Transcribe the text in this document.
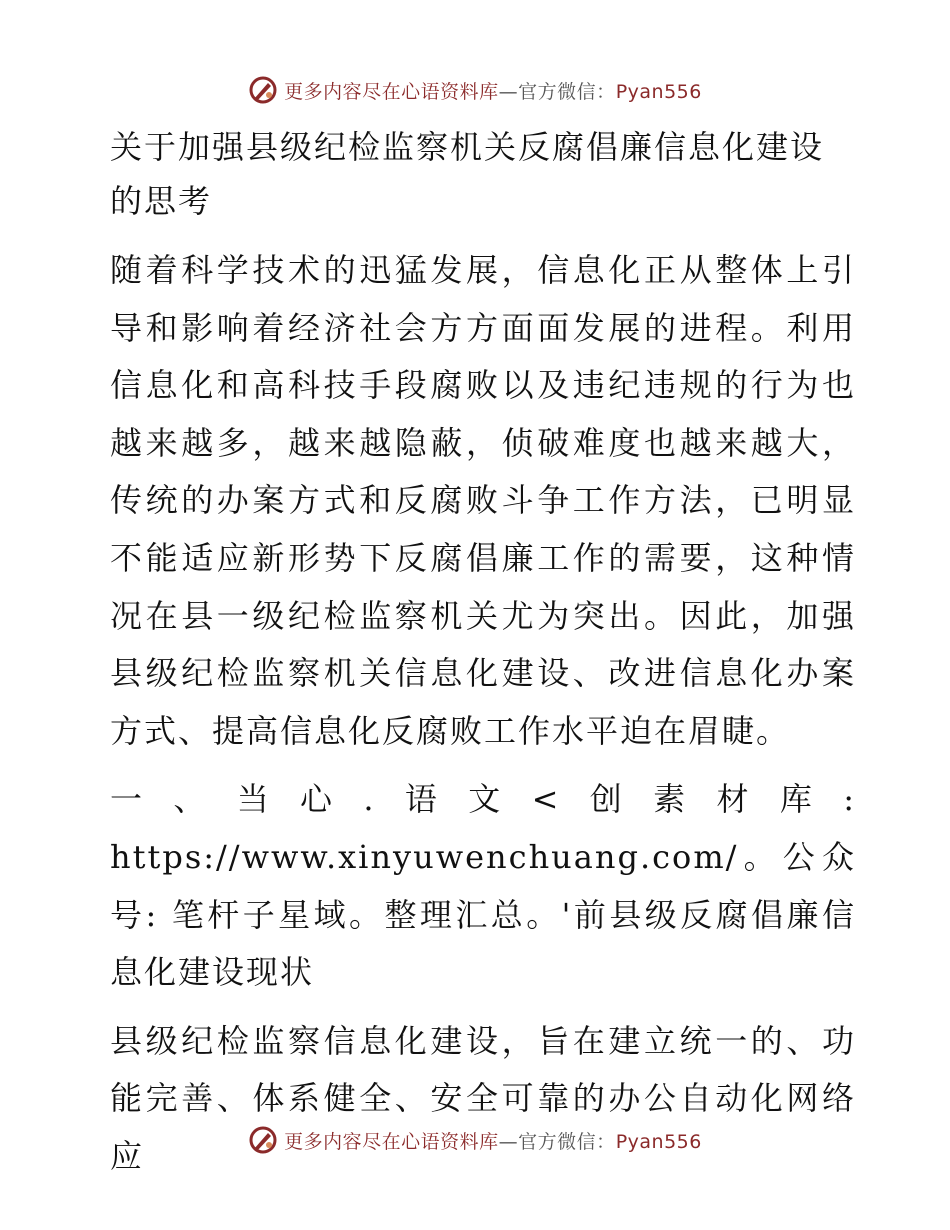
更多内容尽在心语资料库—官方微信：Pyan556
关于加强县级纪检监察机关反腐倡廉信息化建设的思考

随着科学技术的迅猛发展，信息化正从整体上引导和影响着经济社会方方面面发展的进程。利用信息化和高科技手段腐败以及违纪违规的行为也越来越多，越来越隐蔽，侦破难度也越来越大，传统的办案方式和反腐败斗争工作方法，已明显不能适应新形势下反腐倡廉工作的需要，这种情况在县一级纪检监察机关尤为突出。因此，加强县级纪检监察机关信息化建设、改进信息化办案方式、提高信息化反腐败工作水平迫在眉睫。

一、当心.语文<创素材库: https://www.xinyuwenchuang.com/。公众号: 笔杆子星域。整理汇总。'前县级反腐倡廉信息化建设现状

县级纪检监察信息化建设，旨在建立统一的、功能完善、体系健全、安全可靠的办公自动化网络应	更多内容尽在心语资料库—官方微信：Pyan556
